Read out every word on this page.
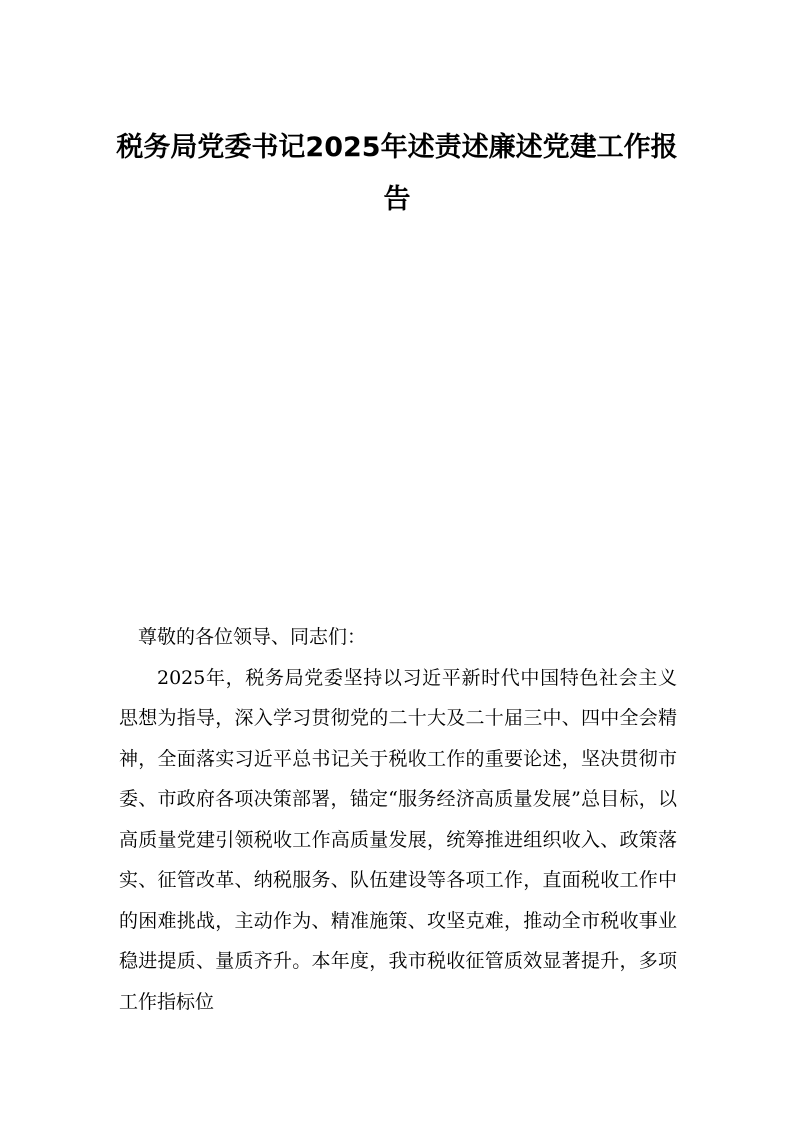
税务局党委书记2025年述责述廉述党建工作报告

尊敬的各位领导、同志们：

2025年，税务局党委坚持以习近平新时代中国特色社会主义思想为指导，深入学习贯彻党的二十大及二十届三中、四中全会精神，全面落实习近平总书记关于税收工作的重要论述，坚决贯彻市委、市政府各项决策部署，锚定“服务经济高质量发展”总目标，以高质量党建引领税收工作高质量发展，统筹推进组织收入、政策落实、征管改革、纳税服务、队伍建设等各项工作，直面税收工作中的困难挑战，主动作为、精准施策、攻坚克难，推动全市税收事业稳进提质、量质齐升。本年度，我市税收征管质效显著提升，多项工作指标位
